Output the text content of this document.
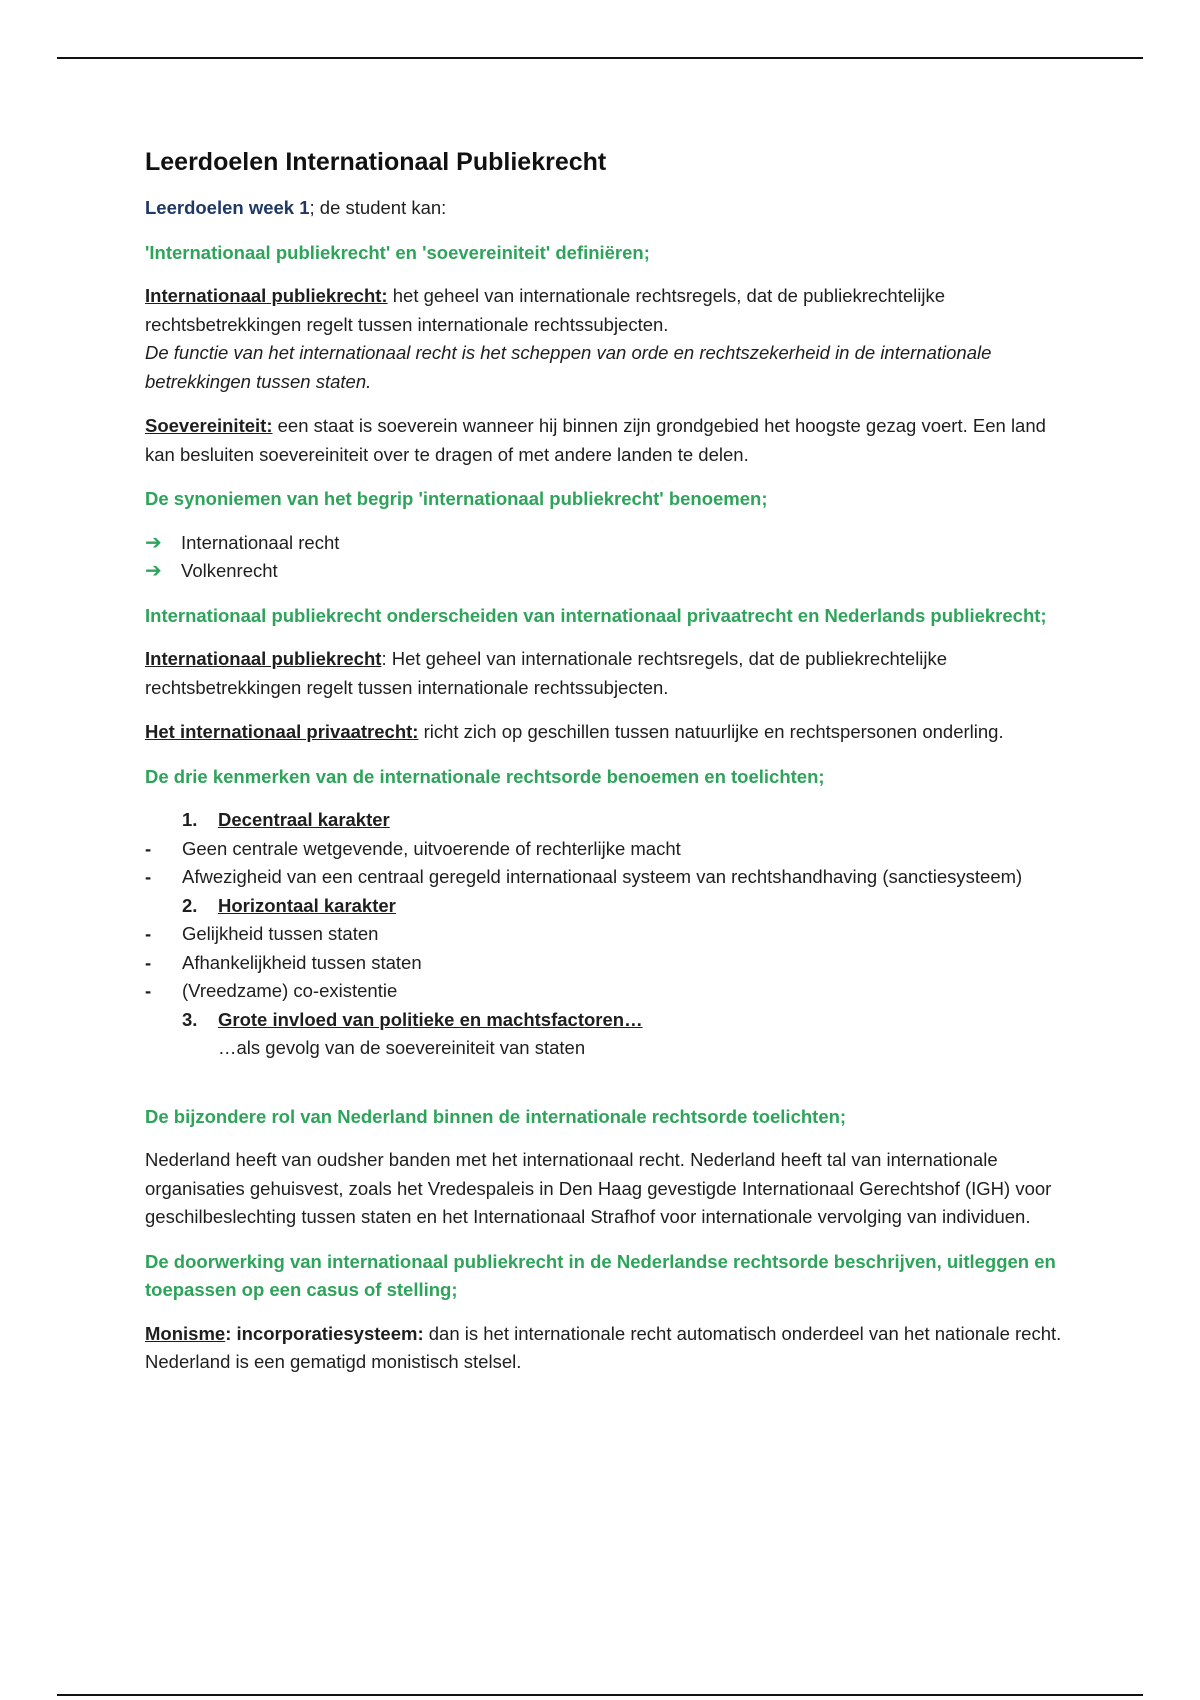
Leerdoelen Internationaal Publiekrecht

Leerdoelen week 1; de student kan:

'Internationaal publiekrecht' en 'soevereiniteit' definiëren;

Internationaal publiekrecht: het geheel van internationale rechtsregels, dat de publiekrechtelijke rechtsbetrekkingen regelt tussen internationale rechtssubjecten.
De functie van het internationaal recht is het scheppen van orde en rechtszekerheid in de internationale betrekkingen tussen staten.

Soevereiniteit: een staat is soeverein wanneer hij binnen zijn grondgebied het hoogste gezag voert. Een land kan besluiten soevereiniteit over te dragen of met andere landen te delen.

De synoniemen van het begrip 'internationaal publiekrecht' benoemen;

➔	Internationaal recht
➔	Volkenrecht

Internationaal publiekrecht onderscheiden van internationaal privaatrecht en Nederlands publiekrecht;

Internationaal publiekrecht: Het geheel van internationale rechtsregels, dat de publiekrechtelijke rechtsbetrekkingen regelt tussen internationale rechtssubjecten.

Het internationaal privaatrecht: richt zich op geschillen tussen natuurlijke en rechtspersonen onderling.

De drie kenmerken van de internationale rechtsorde benoemen en toelichten;

1.	Decentraal karakter
-	Geen centrale wetgevende, uitvoerende of rechterlijke macht
-	Afwezigheid van een centraal geregeld internationaal systeem van rechtshandhaving (sanctiesysteem)
2.	Horizontaal karakter
-	Gelijkheid tussen staten
-	Afhankelijkheid tussen staten
-	(Vreedzame) co-existentie
3.	Grote invloed van politieke en machtsfactoren…
…als gevolg van de soevereiniteit van staten

De bijzondere rol van Nederland binnen de internationale rechtsorde toelichten;

Nederland heeft van oudsher banden met het internationaal recht. Nederland heeft tal van internationale organisaties gehuisvest, zoals het Vredespaleis in Den Haag gevestigde Internationaal Gerechtshof (IGH) voor geschilbeslechting tussen staten en het Internationaal Strafhof voor internationale vervolging van individuen.

De doorwerking van internationaal publiekrecht in de Nederlandse rechtsorde beschrijven, uitleggen en toepassen op een casus of stelling;

Monisme: incorporatiesysteem: dan is het internationale recht automatisch onderdeel van het nationale recht. Nederland is een gematigd monistisch stelsel.
